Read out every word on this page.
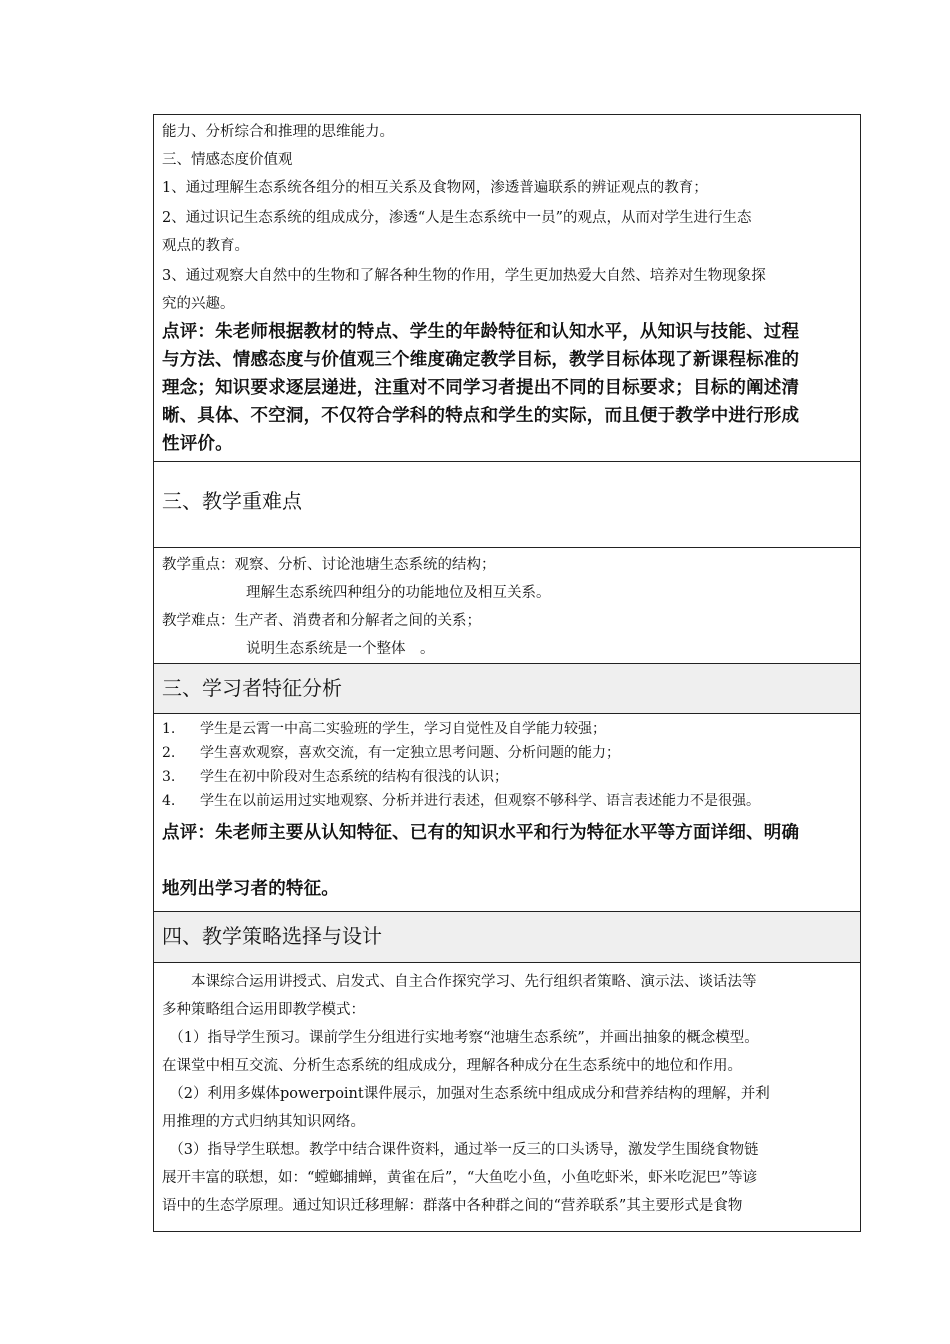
能力、分析综合和推理的思维能力。
三、情感态度价值观
1、通过理解生态系统各组分的相互关系及食物网，渗透普遍联系的辨证观点的教育；
2、通过识记生态系统的组成成分，渗透“人是生态系统中一员”的观点，从而对学生进行生态
观点的教育。
3、通过观察大自然中的生物和了解各种生物的作用，学生更加热爱大自然、培养对生物现象探
究的兴趣。
点评：朱老师根据教材的特点、学生的年龄特征和认知水平，从知识与技能、过程
与方法、情感态度与价值观三个维度确定教学目标，教学目标体现了新课程标准的
理念；知识要求逐层递进，注重对不同学习者提出不同的目标要求；目标的阐述清
晰、具体、不空洞，不仅符合学科的特点和学生的实际，而且便于教学中进行形成
性评价。

三、教学重难点

教学重点：观察、分析、讨论池塘生态系统的结构；
理解生态系统四种组分的功能地位及相互关系。
教学难点：生产者、消费者和分解者之间的关系；
说明生态系统是一个整体　。

三、学习者特征分析

1.	学生是云霄一中高二实验班的学生，学习自觉性及自学能力较强；
2.	学生喜欢观察，喜欢交流，有一定独立思考问题、分析问题的能力；
3.	学生在初中阶段对生态系统的结构有很浅的认识；
4.	学生在以前运用过实地观察、分析并进行表述，但观察不够科学、语言表述能力不是很强。
点评：朱老师主要从认知特征、已有的知识水平和行为特征水平等方面详细、明确
地列出学习者的特征。

四、教学策略选择与设计

　　本课综合运用讲授式、启发式、自主合作探究学习、先行组织者策略、演示法、谈话法等
多种策略组合运用即教学模式：
　（1）指导学生预习。课前学生分组进行实地考察“池塘生态系统”，并画出抽象的概念模型。
在课堂中相互交流、分析生态系统的组成成分，理解各种成分在生态系统中的地位和作用。
　（2）利用多媒体powerpoint课件展示，加强对生态系统中组成成分和营养结构的理解，并利
用推理的方式归纳其知识网络。
　（3）指导学生联想。教学中结合课件资料，通过举一反三的口头诱导，激发学生围绕食物链
展开丰富的联想，如：“螳螂捕蝉，黄雀在后”，“大鱼吃小鱼，小鱼吃虾米，虾米吃泥巴”等谚
语中的生态学原理。通过知识迁移理解：群落中各种群之间的“营养联系”其主要形式是食物
